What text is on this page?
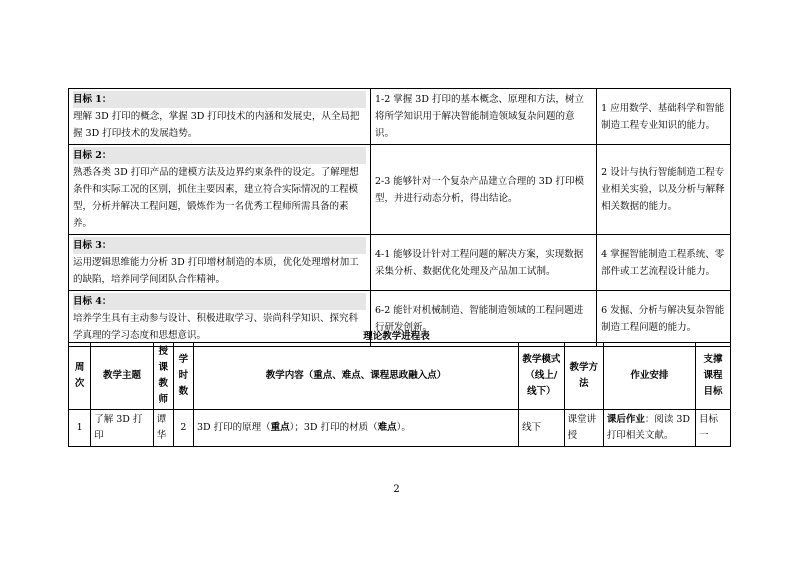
目标 1：
理解 3D 打印的概念，掌握 3D 打印技术的内涵和发展史，从全局把握 3D 打印技术的发展趋势。	1-2 掌握 3D 打印的基本概念、原理和方法，树立将所学知识用于解决智能制造领域复杂问题的意识。	1 应用数学、基础科学和智能制造工程专业知识的能力。

目标 2：
熟悉各类 3D 打印产品的建模方法及边界约束条件的设定。了解理想条件和实际工况的区别，抓住主要因素，建立符合实际情况的工程模型，分析并解决工程问题，锻炼作为一名优秀工程师所需具备的素养。	2-3 能够针对一个复杂产品建立合理的 3D 打印模型，并进行动态分析，得出结论。	2 设计与执行智能制造工程专业相关实验，以及分析与解释相关数据的能力。

目标 3：
运用逻辑思维能力分析 3D 打印增材制造的本质，优化处理增材加工的缺陷，培养同学间团队合作精神。	4-1 能够设计针对工程问题的解决方案，实现数据采集分析、数据优化处理及产品加工试制。	4 掌握智能制造工程系统、零部件或工艺流程设计能力。

目标 4：
培养学生具有主动参与设计、积极进取学习、崇尚科学知识、探究科学真理的学习态度和思想意识。	6-2 能针对机械制造、智能制造领域的工程问题进行研发创新。	6 发掘、分析与解决复杂智能制造工程问题的能力。
理论教学进程表
周次	教学主题	授课教师	学时数	教学内容（重点、难点、课程思政融入点）	教学模式（线上/线下）	教学方法	作业安排	支撑课程目标
1	了解 3D 打印	谭华	2	3D 打印的原理（重点）；3D 打印的材质（难点）。	线下	课堂讲授	课后作业：阅读 3D 打印相关文献。	目标一
2
